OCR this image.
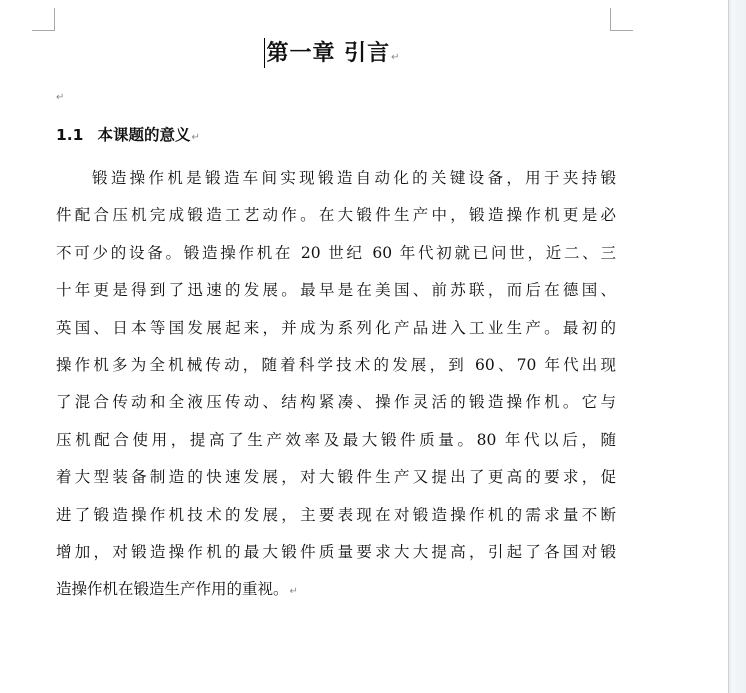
第一章 引言↵
↵
1.1 本课题的意义↵
锻造操作机是锻造车间实现锻造自动化的关键设备，用于夹持锻
件配合压机完成锻造工艺动作。在大锻件生产中，锻造操作机更是必
不可少的设备。锻造操作机在 20 世纪 60 年代初就已问世，近二、三
十年更是得到了迅速的发展。最早是在美国、前苏联，而后在德国、
英国、日本等国发展起来，并成为系列化产品进入工业生产。最初的
操作机多为全机械传动，随着科学技术的发展，到 60、70 年代出现
了混合传动和全液压传动、结构紧凑、操作灵活的锻造操作机。它与
压机配合使用，提高了生产效率及最大锻件质量。80 年代以后，随
着大型装备制造的快速发展，对大锻件生产又提出了更高的要求，促
进了锻造操作机技术的发展，主要表现在对锻造操作机的需求量不断
增加，对锻造操作机的最大锻件质量要求大大提高，引起了各国对锻
造操作机在锻造生产作用的重视。↵
